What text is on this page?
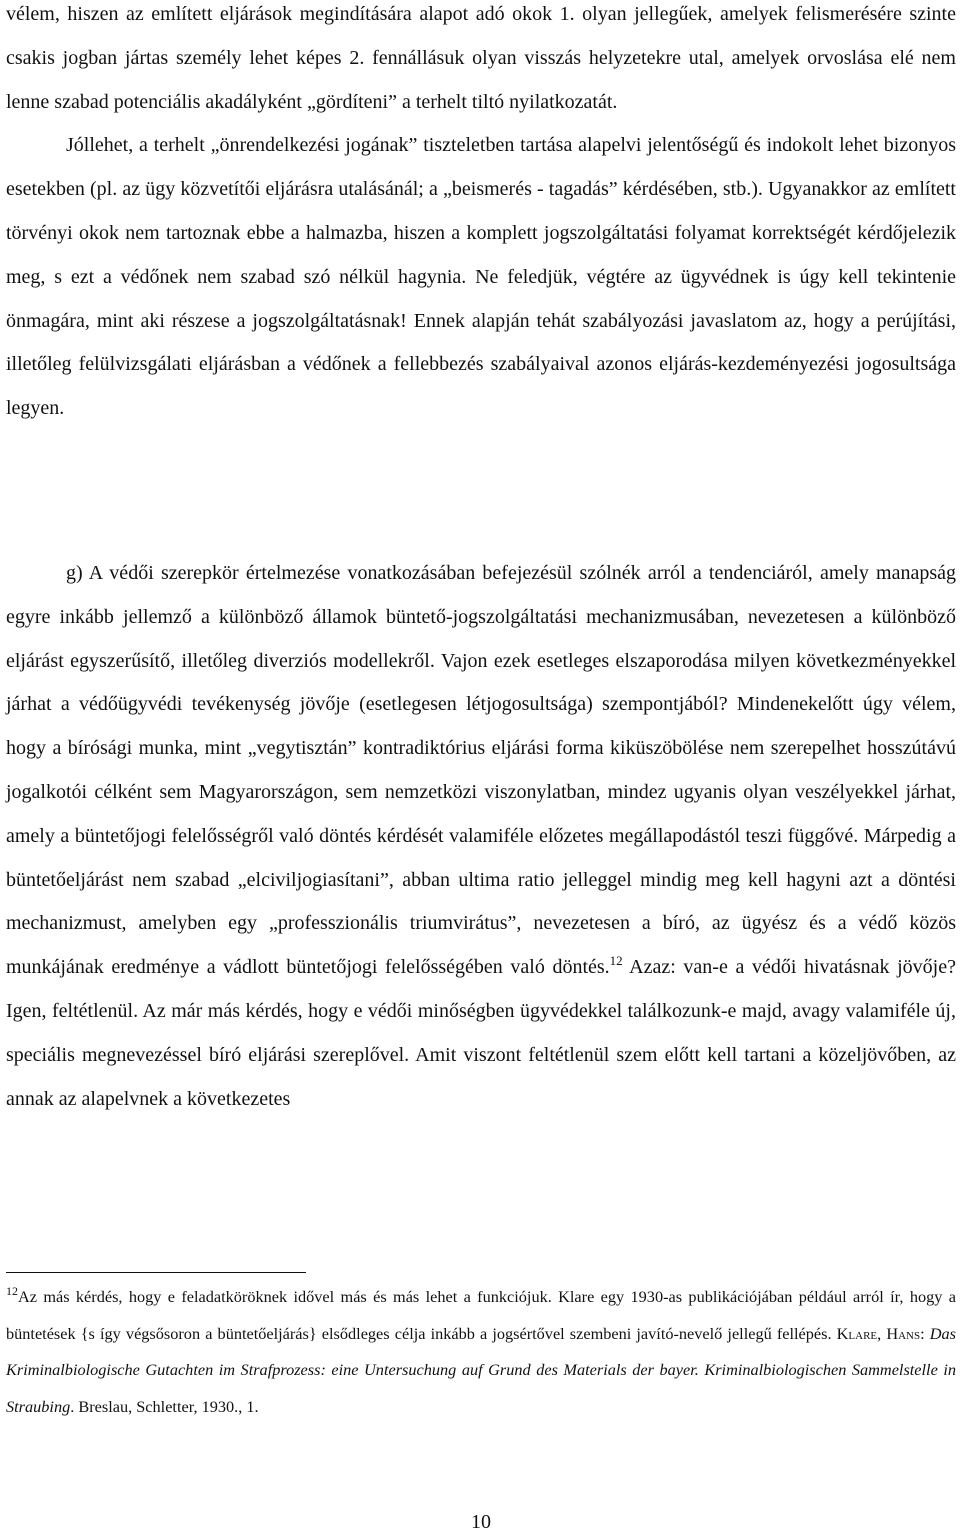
vélem, hiszen az említett eljárások megindítására alapot adó okok 1. olyan jellegűek, amelyek felismerésére szinte csakis jogban jártas személy lehet képes 2. fennállásuk olyan visszás helyzetekre utal, amelyek orvoslása elé nem lenne szabad potenciális akadályként „gördíteni” a terhelt tiltó nyilatkozatát.

Jóllehet, a terhelt „önrendelkezési jogának” tiszteletben tartása alapelvi jelentőségű és indokolt lehet bizonyos esetekben (pl. az ügy közvetítői eljárásra utalásánál; a „beismerés - tagadás” kérdésében, stb.). Ugyanakkor az említett törvényi okok nem tartoznak ebbe a halmazba, hiszen a komplett jogszolgáltatási folyamat korrektségét kérdőjelezik meg, s ezt a védőnek nem szabad szó nélkül hagynia. Ne feledjük, végtére az ügyvédnek is úgy kell tekintenie önmagára, mint aki részese a jogszolgáltatásnak! Ennek alapján tehát szabályozási javaslatom az, hogy a perújítási, illetőleg felülvizsgálati eljárásban a védőnek a fellebbezés szabályaival azonos eljárás-kezdeményezési jogosultsága legyen.

g) A védői szerepkör értelmezése vonatkozásában befejezésül szólnék arról a tendenciáról, amely manapság egyre inkább jellemző a különböző államok büntető-jogszolgáltatási mechanizmusában, nevezetesen a különböző eljárást egyszerűsítő, illetőleg diverziós modellekről. Vajon ezek esetleges elszaporodása milyen következményekkel járhat a védőügyvédi tevékenység jövője (esetlegesen létjogosultsága) szempontjából? Mindenekelőtt úgy vélem, hogy a bírósági munka, mint „vegytisztán” kontradiktórius eljárási forma kiküszöbölése nem szerepelhet hosszútávú jogalkotói célként sem Magyarországon, sem nemzetközi viszonylatban, mindez ugyanis olyan veszélyekkel járhat, amely a büntetőjogi felelősségről való döntés kérdését valamiféle előzetes megállapodástól teszi függővé. Márpedig a büntetőeljárást nem szabad „elciviljogiasítani”, abban ultima ratio jelleggel mindig meg kell hagyni azt a döntési mechanizmust, amelyben egy „professzionális triumvirátus”, nevezetesen a bíró, az ügyész és a védő közös munkájának eredménye a vádlott büntetőjogi felelősségében való döntés.$^{12}$ Azaz: van-e a védői hivatásnak jövője? Igen, feltétlenül. Az már más kérdés, hogy e védői minőségben ügyvédekkel találkozunk-e majd, avagy valamiféle új, speciális megnevezéssel bíró eljárási szereplővel. Amit viszont feltétlenül szem előtt kell tartani a közeljövőben, az annak az alapelvnek a következetes

$^{12}$Az más kérdés, hogy e feladatköröknek idővel más és más lehet a funkciójuk. Klare egy 1930-as publikációjában például arról ír, hogy a büntetések {s így végsősoron a büntetőeljárás} elsődleges célja inkább a jogsértővel szembeni javító-nevelő jellegű fellépés. Klare, Hans: Das Kriminalbiologische Gutachten im Strafprozess: eine Untersuchung auf Grund des Materials der bayer. Kriminalbiologischen Sammelstelle in Straubing. Breslau, Schletter, 1930., 1.

10
